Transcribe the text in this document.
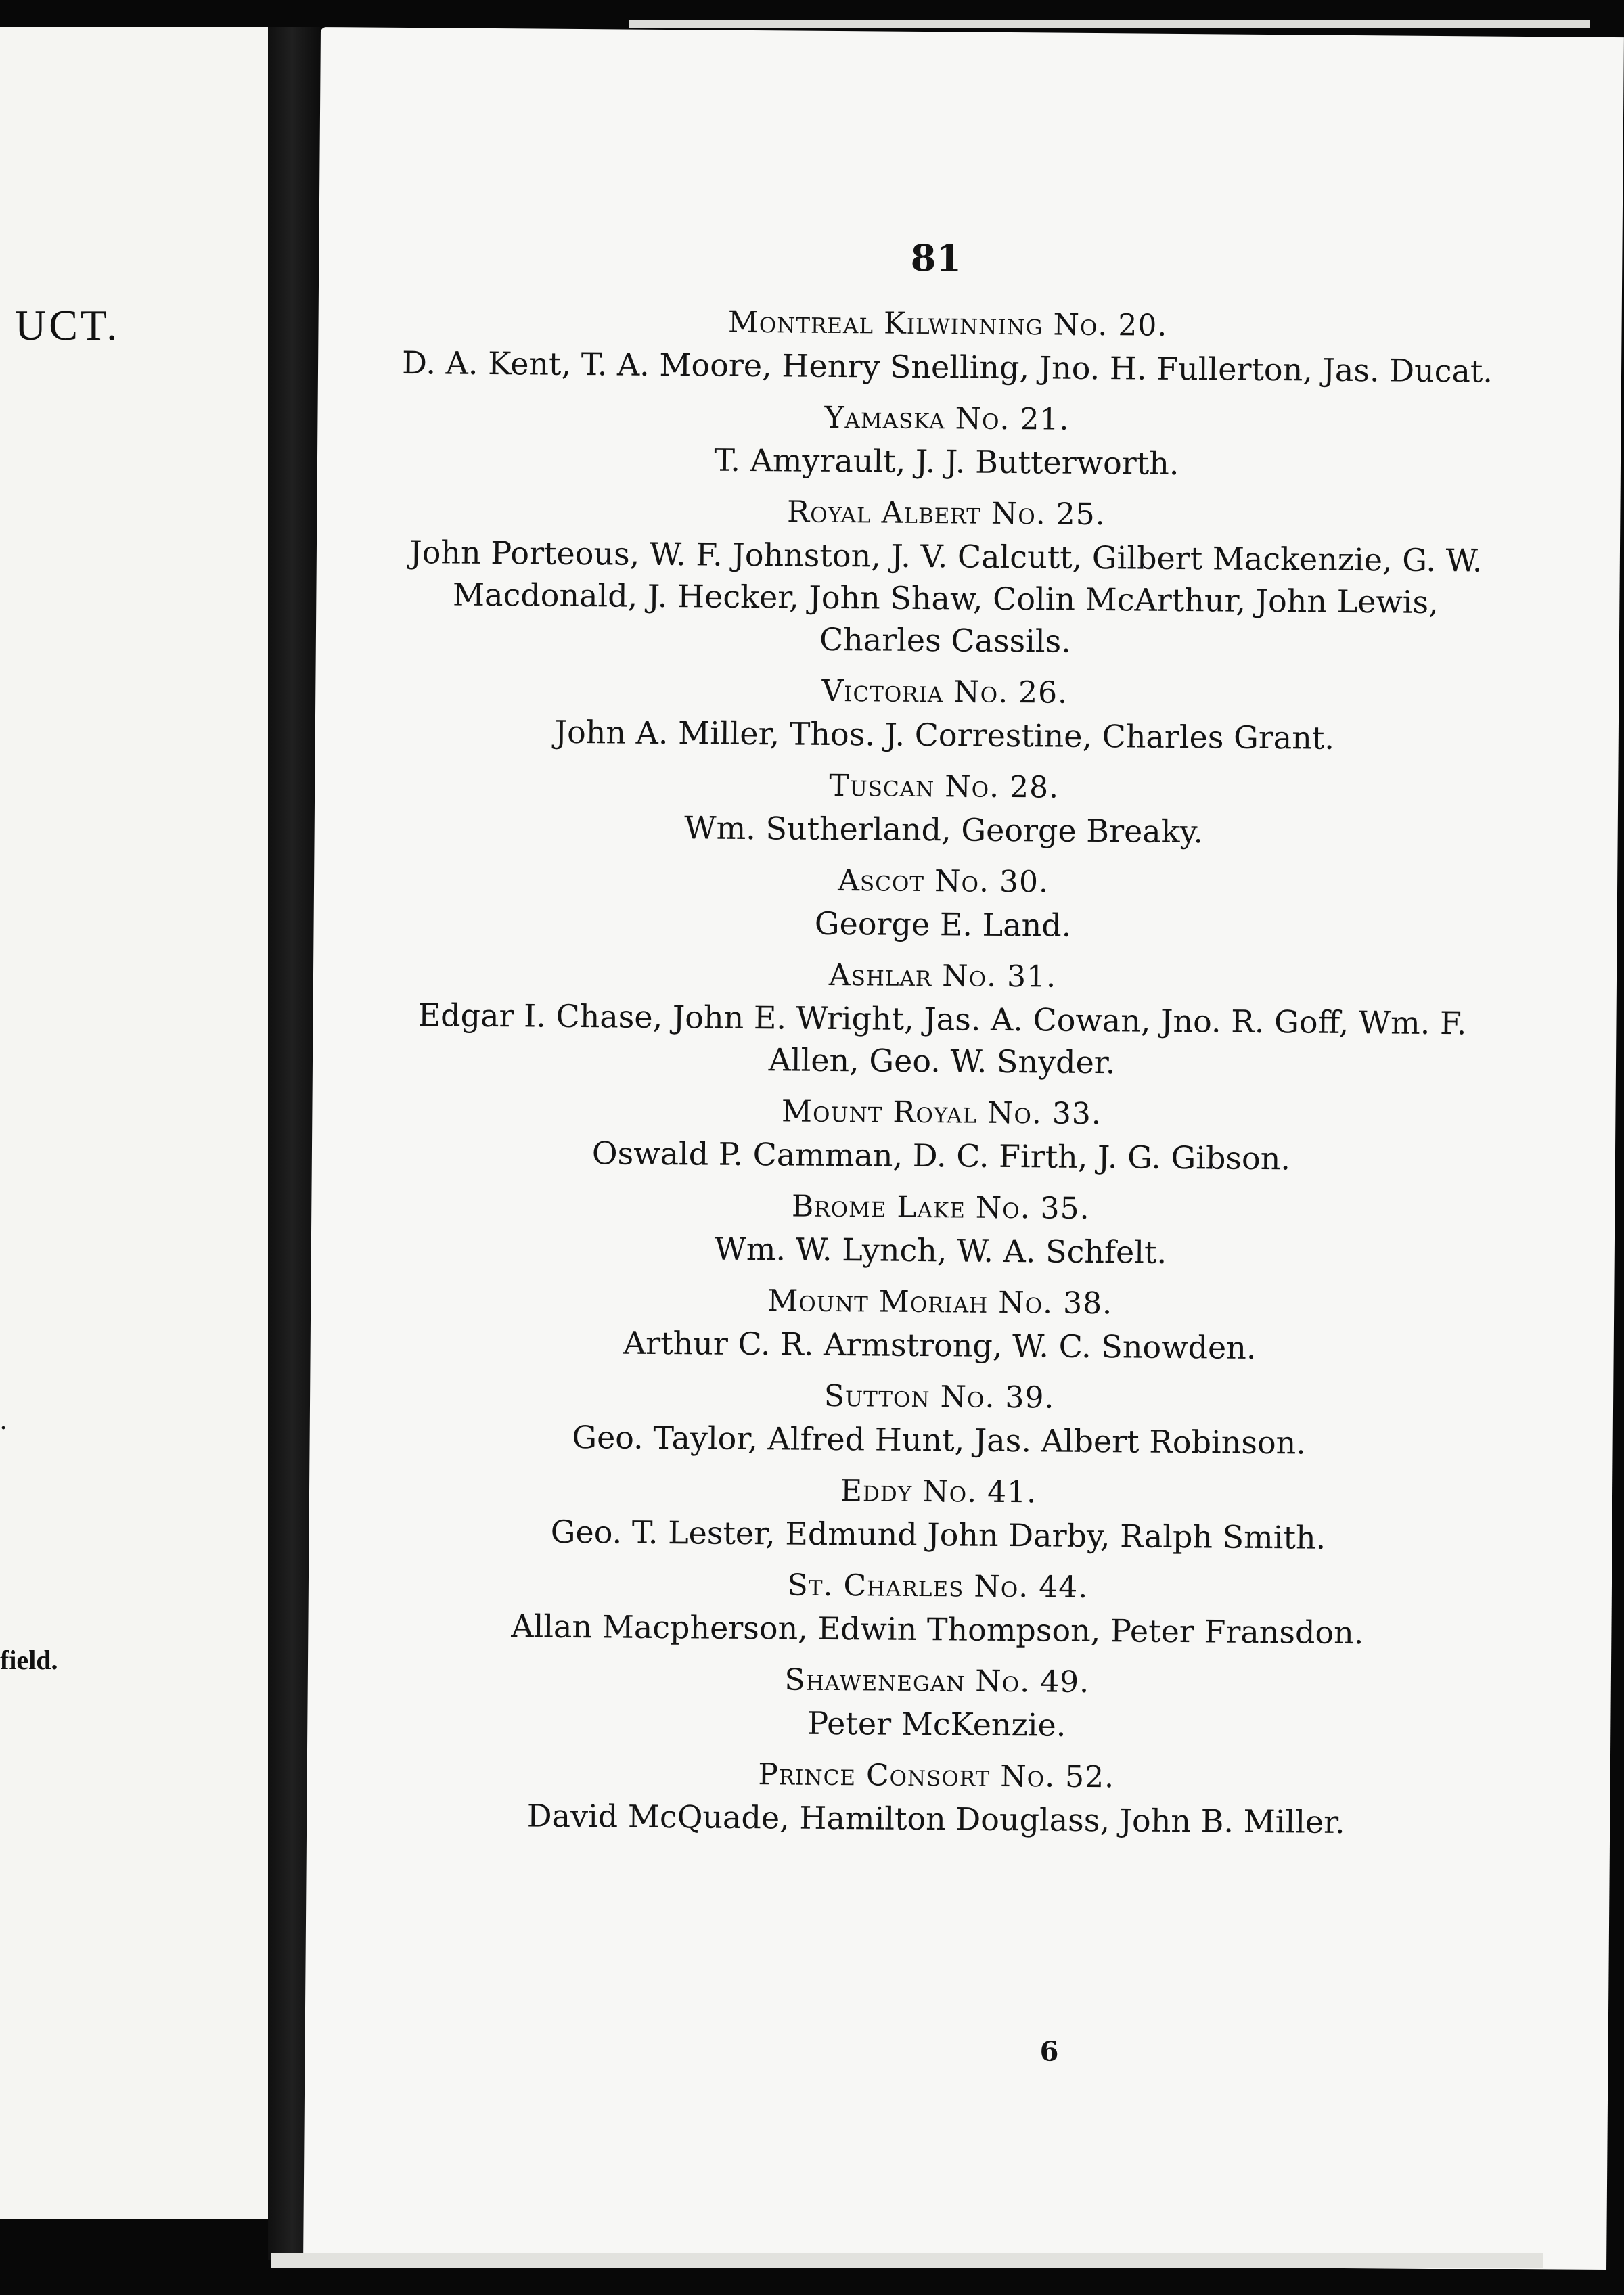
UCT.
.
field.
81
Montreal Kilwinning No. 20.
D. A. Kent, T. A. Moore, Henry Snelling, Jno. H. Fullerton, Jas. Ducat.
Yamaska No. 21.
T. Amyrault, J. J. Butterworth.
Royal Albert No. 25.
John Porteous, W. F. Johnston, J. V. Calcutt, Gilbert Mackenzie, G. W. Macdonald, J. Hecker, John Shaw, Colin McArthur, John Lewis, Charles Cassils.
Victoria No. 26.
John A. Miller, Thos. J. Correstine, Charles Grant.
Tuscan No. 28.
Wm. Sutherland, George Breaky.
Ascot No. 30.
George E. Land.
Ashlar No. 31.
Edgar I. Chase, John E. Wright, Jas. A. Cowan, Jno. R. Goff, Wm. F. Allen, Geo. W. Snyder.
Mount Royal No. 33.
Oswald P. Camman, D. C. Firth, J. G. Gibson.
Brome Lake No. 35.
Wm. W. Lynch, W. A. Schfelt.
Mount Moriah No. 38.
Arthur C. R. Armstrong, W. C. Snowden.
Sutton No. 39.
Geo. Taylor, Alfred Hunt, Jas. Albert Robinson.
Eddy No. 41.
Geo. T. Lester, Edmund John Darby, Ralph Smith.
St. Charles No. 44.
Allan Macpherson, Edwin Thompson, Peter Fransdon.
Shawenegan No. 49.
Peter McKenzie.
Prince Consort No. 52.
David McQuade, Hamilton Douglass, John B. Miller.
6
